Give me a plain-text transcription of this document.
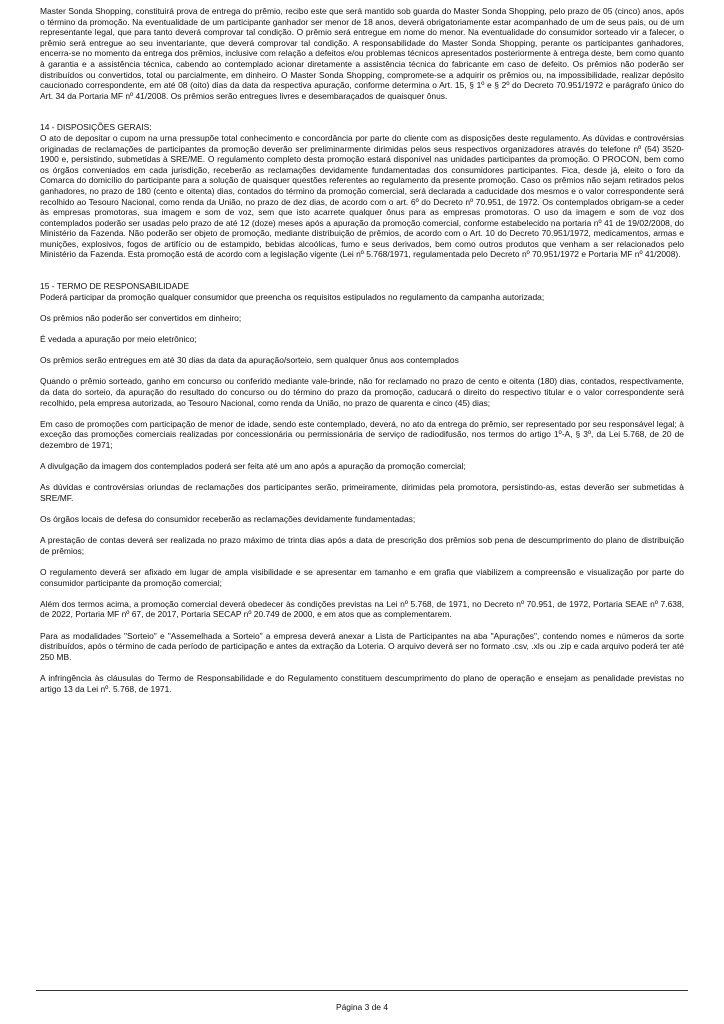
Master Sonda Shopping, constituirá prova de entrega do prêmio, recibo este que será mantido sob guarda do Master Sonda Shopping, pelo prazo de 05 (cinco) anos, após o término da promoção. Na eventualidade de um participante ganhador ser menor de 18 anos, deverá obrigatoriamente estar acompanhado de um de seus pais, ou de um representante legal, que para tanto deverá comprovar tal condição. O prêmio será entregue em nome do menor. Na eventualidade do consumidor sorteado vir a falecer, o prêmio será entregue ao seu inventariante, que deverá comprovar tal condição. A responsabilidade do Master Sonda Shopping, perante os participantes ganhadores, encerra-se no momento da entrega dos prêmios, inclusive com relação a defeitos e/ou problemas técnicos apresentados posteriormente à entrega deste, bem como quanto à garantia e a assistência técnica, cabendo ao contemplado acionar diretamente a assistência técnica do fabricante em caso de defeito. Os prêmios não poderão ser distribuídos ou convertidos, total ou parcialmente, em dinheiro. O Master Sonda Shopping, compromete-se a adquirir os prêmios ou, na impossibilidade, realizar depósito caucionado correspondente, em até 08 (oito) dias da data da respectiva apuração, conforme determina o Art. 15, § 1º e § 2º do Decreto 70.951/1972 e parágrafo único do Art. 34 da Portaria MF nº 41/2008. Os prêmios serão entregues livres e desembaraçados de quaisquer ônus.

14 - DISPOSIÇÕES GERAIS:

O ato de depositar o cupom na urna pressupõe total conhecimento e concordância por parte do cliente com as disposições deste regulamento. As dúvidas e controvérsias originadas de reclamações de participantes da promoção deverão ser preliminarmente dirimidas pelos seus respectivos organizadores através do telefone nº (54) 3520-1900 e, persistindo, submetidas à SRE/ME. O regulamento completo desta promoção estará disponível nas unidades participantes da promoção. O PROCON, bem como os órgãos conveniados em cada jurisdição, receberão as reclamações devidamente fundamentadas dos consumidores participantes. Fica, desde já, eleito o foro da Comarca do domicílio do participante para a solução de quaisquer questões referentes ao regulamento da presente promoção. Caso os prêmios não sejam retirados pelos ganhadores, no prazo de 180 (cento e oitenta) dias, contados do término da promoção comercial, será declarada a caducidade dos mesmos e o valor correspondente será recolhido ao Tesouro Nacional, como renda da União, no prazo de dez dias, de acordo com o art. 6º do Decreto nº 70.951, de 1972. Os contemplados obrigam-se a ceder às empresas promotoras, sua imagem e som de voz, sem que isto acarrete qualquer ônus para as empresas promotoras. O uso da imagem e som de voz dos contemplados poderão ser usadas pelo prazo de até 12 (doze) meses após a apuração da promoção comercial, conforme estabelecido na portaria nº 41 de 19/02/2008, do Ministério da Fazenda. Não poderão ser objeto de promoção, mediante distribuição de prêmios, de acordo com o Art. 10 do Decreto 70.951/1972, medicamentos, armas e munições, explosivos, fogos de artifício ou de estampido, bebidas alcoólicas, fumo e seus derivados, bem como outros produtos que venham a ser relacionados pelo Ministério da Fazenda. Esta promoção está de acordo com a legislação vigente (Lei nº 5.768/1971, regulamentada pelo Decreto nº 70.951/1972 e Portaria MF nº 41/2008).

15 - TERMO DE RESPONSABILIDADE

Poderá participar da promoção qualquer consumidor que preencha os requisitos estipulados no regulamento da campanha autorizada;

Os prêmios não poderão ser convertidos em dinheiro;

É vedada a apuração por meio eletrônico;

Os prêmios serão entregues em até 30 dias da data da apuração/sorteio, sem qualquer ônus aos contemplados

Quando o prêmio sorteado, ganho em concurso ou conferido mediante vale-brinde, não for reclamado no prazo de cento e oitenta (180) dias, contados, respectivamente, da data do sorteio, da apuração do resultado do concurso ou do término do prazo da promoção, caducará o direito do respectivo titular e o valor correspondente será recolhido, pela empresa autorizada, ao Tesouro Nacional, como renda da União, no prazo de quarenta e cinco (45) dias;

Em caso de promoções com participação de menor de idade, sendo este contemplado, deverá, no ato da entrega do prêmio, ser representado por seu responsável legal; à exceção das promoções comerciais realizadas por concessionária ou permissionária de serviço de radiodifusão, nos termos do artigo 1º-A, § 3º, da Lei 5.768, de 20 de dezembro de 1971;

A divulgação da imagem dos contemplados poderá ser feita até um ano após a apuração da promoção comercial;

As dúvidas e controvérsias oriundas de reclamações dos participantes serão, primeiramente, dirimidas pela promotora, persistindo-as, estas deverão ser submetidas à SRE/MF.

Os órgãos locais de defesa do consumidor receberão as reclamações devidamente fundamentadas;

A prestação de contas deverá ser realizada no prazo máximo de trinta dias após a data de prescrição dos prêmios sob pena de descumprimento do plano de distribuição de prêmios;

O regulamento deverá ser afixado em lugar de ampla visibilidade e se apresentar em tamanho e em grafia que viabilizem a compreensão e visualização por parte do consumidor participante da promoção comercial;

Além dos termos acima, a promoção comercial deverá obedecer às condições previstas na Lei nº 5.768, de 1971, no Decreto nº 70.951, de 1972, Portaria SEAE nº 7.638, de 2022, Portaria MF nº 67, de 2017, Portaria SECAP nº 20.749 de 2000, e em atos que as complementarem.

Para as modalidades "Sorteio" e "Assemelhada a Sorteio" a empresa deverá anexar a Lista de Participantes na aba "Apurações", contendo nomes e números da sorte distribuídos, após o término de cada período de participação e antes da extração da Loteria. O arquivo deverá ser no formato .csv, .xls ou .zip e cada arquivo poderá ter até 250 MB.

A infringência às cláusulas do Termo de Responsabilidade e do Regulamento constituem descumprimento do plano de operação e ensejam as penalidade previstas no artigo 13 da Lei nº. 5.768, de 1971.

Página 3 de 4
